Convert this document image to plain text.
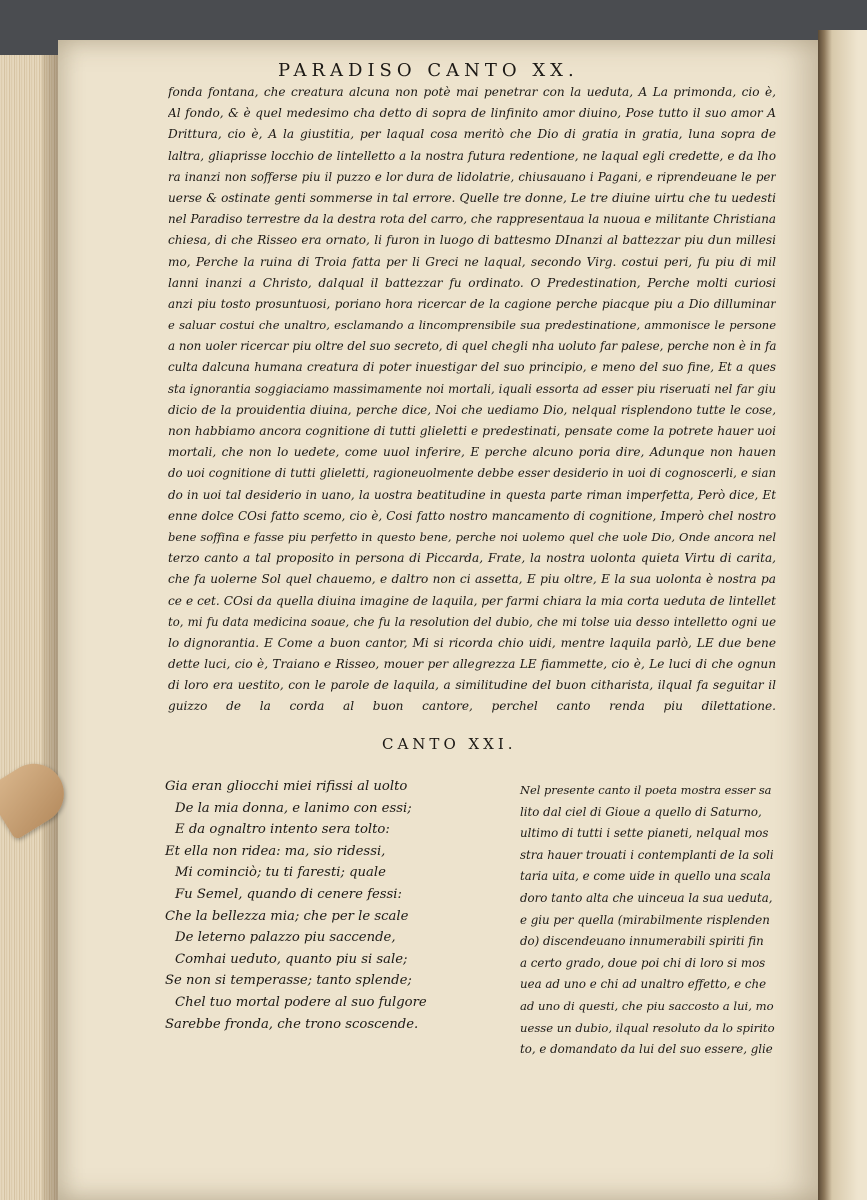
PARADISO CANTO XX.
fonda fontana, che creatura alcuna non potè mai penetrar con la ueduta, A La primonda, cio è,
Al fondo, & è quel medesimo cha detto di sopra de linfinito amor diuino, Pose tutto il suo amor A
Drittura, cio è, A la giustitia, per laqual cosa meritò che Dio di gratia in gratia, luna sopra de
laltra, gliaprisse locchio de lintelletto a la nostra futura redentione, ne laqual egli credette, e da lho
ra inanzi non sofferse piu il puzzo e lor dura de lidolatrie, chiusauano i Pagani, e riprendeuane le per
uerse & ostinate genti sommerse in tal errore. Quelle tre donne, Le tre diuine uirtu che tu uedesti
nel Paradiso terrestre da la destra rota del carro, che rappresentaua la nuoua e militante Christiana
chiesa, di che Risseo era ornato, li furon in luogo di battesmo DInanzi al battezzar piu dun millesi
mo, Perche la ruina di Troia fatta per li Greci ne laqual, secondo Virg. costui peri, fu piu di mil
lanni inanzi a Christo, dalqual il battezzar fu ordinato. O Predestination, Perche molti curiosi
anzi piu tosto prosuntuosi, poriano hora ricercar de la cagione perche piacque piu a Dio dilluminar
e saluar costui che unaltro, esclamando a lincomprensibile sua predestinatione, ammonisce le persone
a non uoler ricercar piu oltre del suo secreto, di quel chegli nha uoluto far palese, perche non è in fa
culta dalcuna humana creatura di poter inuestigar del suo principio, e meno del suo fine, Et a ques
sta ignorantia soggiaciamo massimamente noi mortali, iquali essorta ad esser piu riseruati nel far giu
dicio de la prouidentia diuina, perche dice, Noi che uediamo Dio, nelqual risplendono tutte le cose,
non habbiamo ancora cognitione di tutti glieletti e predestinati, pensate come la potrete hauer uoi
mortali, che non lo uedete, come uuol inferire, E perche alcuno poria dire, Adunque non hauen
do uoi cognitione di tutti glieletti, ragioneuolmente debbe esser desiderio in uoi di cognoscerli, e sian
do in uoi tal desiderio in uano, la uostra beatitudine in questa parte riman imperfetta, Però dice, Et
enne dolce COsi fatto scemo, cio è, Cosi fatto nostro mancamento di cognitione, Imperò chel nostro
bene soffina e fasse piu perfetto in questo bene, perche noi uolemo quel che uole Dio, Onde ancora nel
terzo canto a tal proposito in persona di Piccarda, Frate, la nostra uolonta quieta Virtu di carita,
che fa uolerne Sol quel chauemo, e daltro non ci assetta, E piu oltre, E la sua uolonta è nostra pa
ce e cet. COsi da quella diuina imagine de laquila, per farmi chiara la mia corta ueduta de lintellet
to, mi fu data medicina soaue, che fu la resolution del dubio, che mi tolse uia desso intelletto ogni ue
lo dignorantia. E Come a buon cantor, Mi si ricorda chio uidi, mentre laquila parlò, LE due bene
dette luci, cio è, Traiano e Risseo, mouer per allegrezza LE fiammette, cio è, Le luci di che ognun
di loro era uestito, con le parole de laquila, a similitudine del buon citharista, ilqual fa seguitar il
guizzo de la corda al buon cantore, perchel canto renda piu dilettatione.
CANTO XXI.
Gia eran gliocchi miei rifissi al uolto
De la mia donna, e lanimo con essi;
E da ognaltro intento sera tolto:
Et ella non ridea: ma, sio ridessi,
Mi cominciò; tu ti faresti; quale
Fu Semel, quando di cenere fessi:
Che la bellezza mia; che per le scale
De leterno palazzo piu saccende,
Comhai ueduto, quanto piu si sale;
Se non si temperasse; tanto splende;
Chel tuo mortal podere al suo fulgore
Sarebbe fronda, che trono scoscende.
Nel presente canto il poeta mostra esser sa
lito dal ciel di Gioue a quello di Saturno,
ultimo di tutti i sette pianeti, nelqual mos
stra hauer trouati i contemplanti de la soli
taria uita, e come uide in quello una scala
doro tanto alta che uinceua la sua ueduta,
e giu per quella (mirabilmente risplenden
do) discendeuano innumerabili spiriti fin
a certo grado, doue poi chi di loro si mos
uea ad uno e chi ad unaltro effetto, e che
ad uno di questi, che piu saccosto a lui, mo
uesse un dubio, ilqual resoluto da lo spirito
to, e domandato da lui del suo essere, glie
